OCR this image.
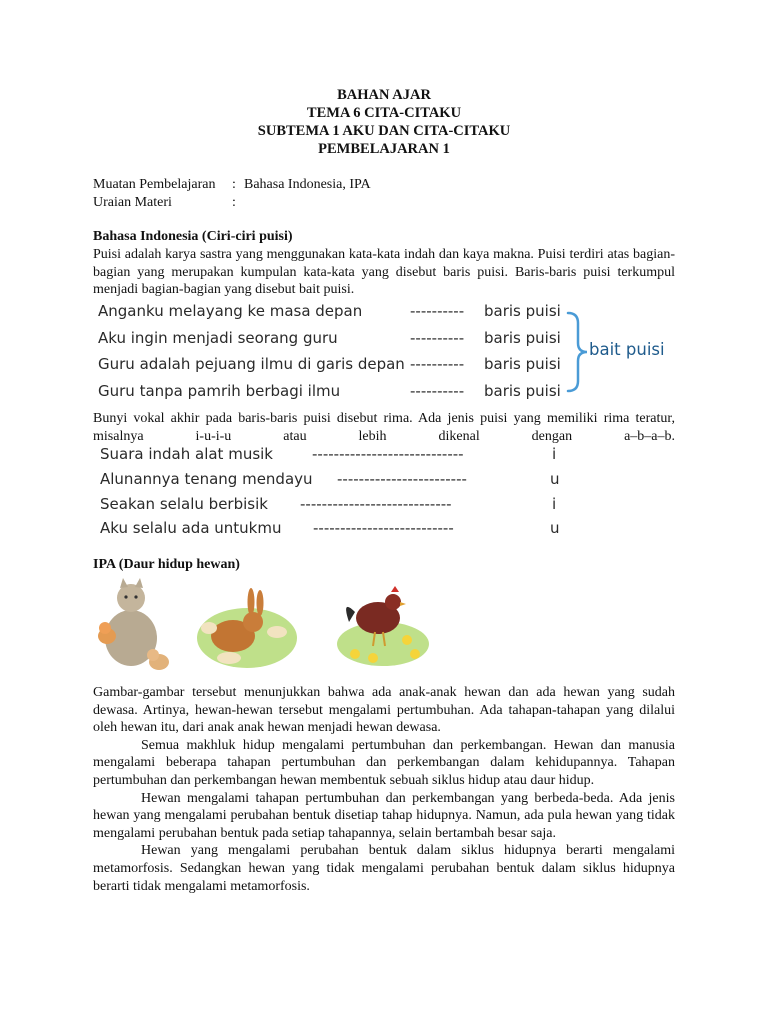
BAHAN AJAR
TEMA 6 CITA-CITAKU
SUBTEMA 1 AKU DAN CITA-CITAKU
PEMBELAJARAN 1
Muatan Pembelajaran : Bahasa Indonesia, IPA
Uraian Materi	:
Bahasa Indonesia (Ciri-ciri puisi)
Puisi adalah karya sastra yang menggunakan kata-kata indah dan kaya makna. Puisi terdiri atas bagian-bagian yang merupakan kumpulan kata-kata yang disebut baris puisi. Baris-baris puisi terkumpul menjadi bagian-bagian yang disebut bait puisi.
Anganku melayang ke masa depan	---------- baris puisi
Aku ingin menjadi seorang guru	---------- baris puisi
Guru adalah pejuang ilmu di garis depan ---------- baris puisi
Guru tanpa pamrih berbagi ilmu	---------- baris puisi
bait puisi
Bunyi vokal akhir pada baris-baris puisi disebut rima. Ada jenis puisi yang memiliki rima teratur, misalnya i-u-i-u atau lebih dikenal dengan a–b–a–b.
Suara indah alat musik	----------------------------	i
Alunannya tenang mendayu ------------------------	u
Seakan selalu berbisik ----------------------------	i
Aku selalu ada untukmu --------------------------	u
IPA (Daur hidup hewan)
Gambar-gambar tersebut menunjukkan bahwa ada anak-anak hewan dan ada hewan yang sudah dewasa. Artinya, hewan-hewan tersebut mengalami pertumbuhan. Ada tahapan-tahapan yang dilalui oleh hewan itu, dari anak anak hewan menjadi hewan dewasa.
Semua makhluk hidup mengalami pertumbuhan dan perkembangan. Hewan dan manusia mengalami beberapa tahapan pertumbuhan dan perkembangan dalam kehidupannya. Tahapan pertumbuhan dan perkembangan hewan membentuk sebuah siklus hidup atau daur hidup.
Hewan mengalami tahapan pertumbuhan dan perkembangan yang berbeda-beda. Ada jenis hewan yang mengalami perubahan bentuk disetiap tahap hidupnya. Namun, ada pula hewan yang tidak mengalami perubahan bentuk pada setiap tahapannya, selain bertambah besar saja.
Hewan yang mengalami perubahan bentuk dalam siklus hidupnya berarti mengalami metamorfosis. Sedangkan hewan yang tidak mengalami perubahan bentuk dalam siklus hidupnya berarti tidak mengalami metamorfosis.
